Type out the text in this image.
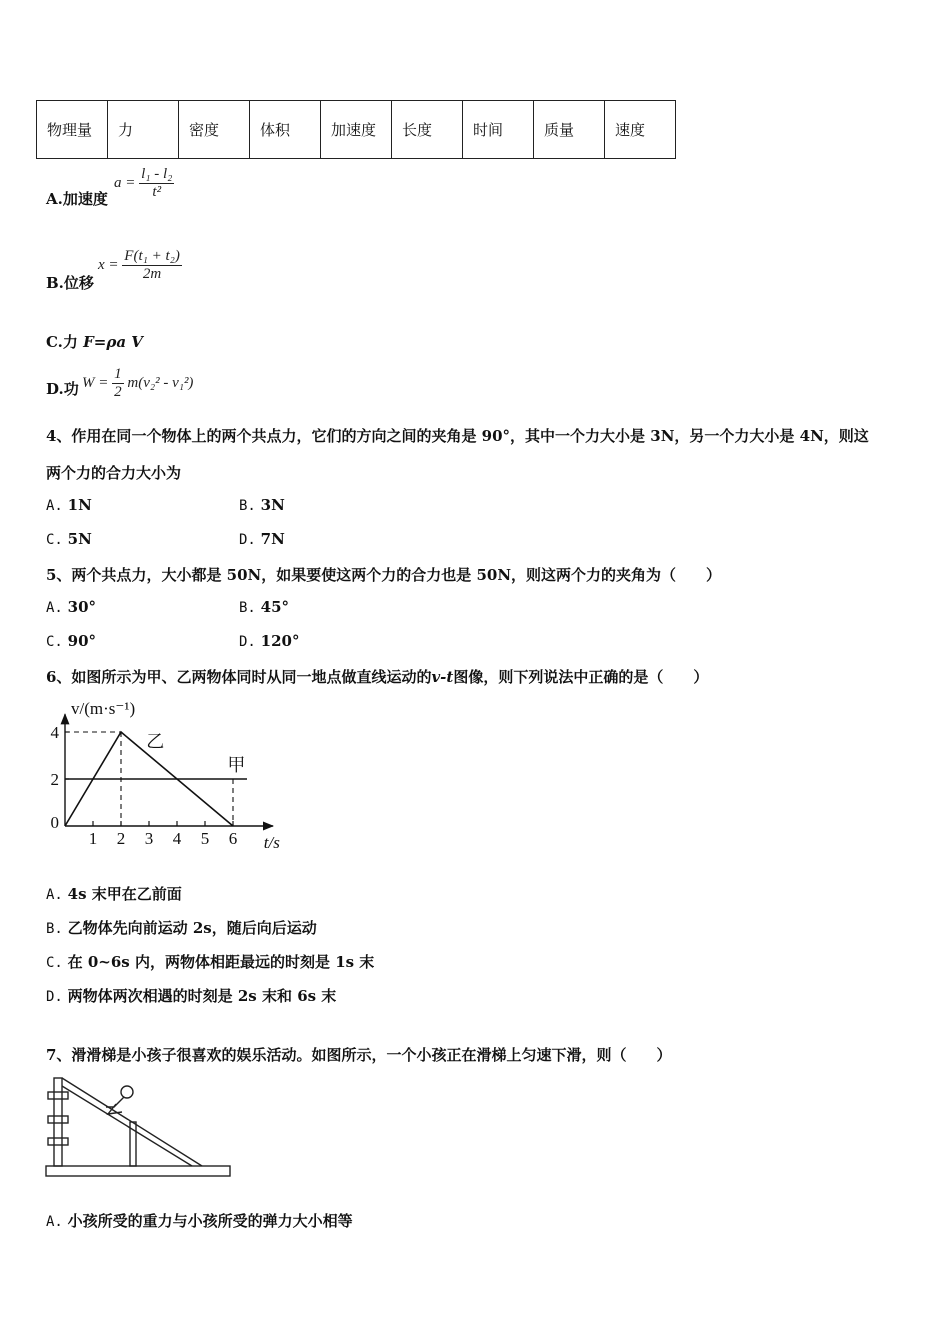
物理量	力	密度	体积	加速度	长度	时间	质量	速度
A.加速度
$a = \frac{\text{l₁ - l₂}}{\text{t²}}$
B.位移
$x = \frac{\text{F(t₁ + t₂)}}{2m}$
C.力 F=ρa V
D.功 $W = \frac{1}{2} m(v_2^2 - v_1^2)$
4、作用在同一个物体上的两个共点力，它们的方向之间的夹角是 90°，其中一个力大小是 3N，另一个力大小是 4N，则这
两个力的合力大小为
A. 1N	B. 3N
C. 5N	D. 7N
5、两个共点力，大小都是 50N，如果要使这两个力的合力也是 50N，则这两个力的夹角为（　　）
A. 30°	B. 45°
C. 90°	D. 120°
6、如图所示为甲、乙两物体同时从同一地点做直线运动的v-t图像，则下列说法中正确的是（　　）
1 2 3 4 5 6
0
2
4
甲
乙
v/(m·s⁻¹)
t/s
A. 4s 末甲在乙前面
B. 乙物体先向前运动 2s，随后向后运动
C. 在 0~6s 内，两物体相距最远的时刻是 1s 末
D. 两物体两次相遇的时刻是 2s 末和 6s 末
7、滑滑梯是小孩子很喜欢的娱乐活动。如图所示，一个小孩正在滑梯上匀速下滑，则（　　）
A. 小孩所受的重力与小孩所受的弹力大小相等
